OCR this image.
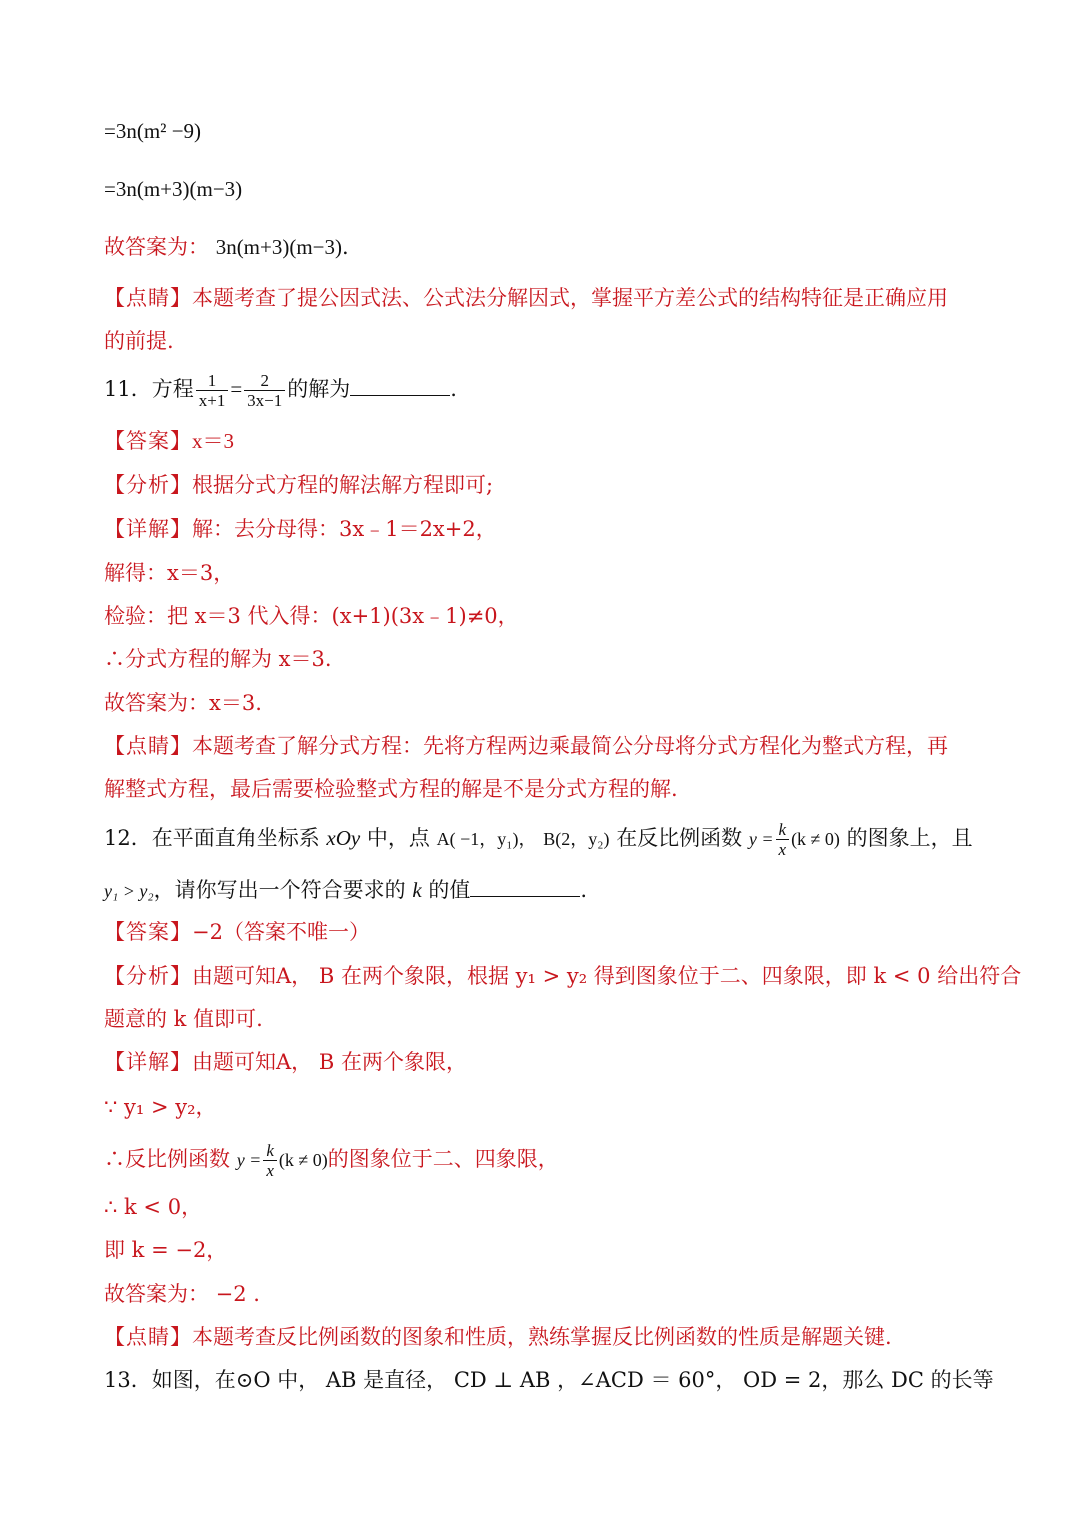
=3n(m² −9)
=3n(m+3)(m−3)
故答案为： 3n(m+3)(m−3).
【点睛】本题考查了提公因式法、公式法分解因式，掌握平方差公式的结构特征是正确应用
的前提.
11．方程 $\frac{1}{x+1} = \frac{2}{3x-1}$ 的解为	.
【答案】x＝3
【分析】根据分式方程的解法解方程即可;
【详解】解：去分母得：3x﹣1＝2x+2，
解得：x＝3，
检验：把 x＝3 代入得：(x+1)(3x﹣1)≠0，
∴分式方程的解为 x＝3.
故答案为：x＝3.
【点睛】本题考查了解分式方程：先将方程两边乘最简公分母将分式方程化为整式方程，再
解整式方程，最后需要检验整式方程的解是不是分式方程的解.
12．在平面直角坐标系 xOy 中，点 A( −1，y₁)， B(2，y₂) 在反比例函数 $y = \frac{k}{x} (k \ne 0)$ 的图象上，且
y₁ > y₂，请你写出一个符合要求的 k 的值	.
【答案】−2（答案不唯一）
【分析】由题可知A， B 在两个象限，根据 y₁ > y₂ 得到图象位于二、四象限，即 k < 0 给出符合
题意的 k 值即可.
【详解】由题可知A， B 在两个象限，
∵ y₁ > y₂，
∴反比例函数 $y = \frac{k}{x} (k \ne 0)$的图象位于二、四象限，
∴ k < 0，
即 k = −2，
故答案为： −2 .
【点睛】本题考查反比例函数的图象和性质，熟练掌握反比例函数的性质是解题关键.
13．如图，在⊙O 中， AB 是直径， CD ⊥ AB ，∠ACD ＝ 60°， OD = 2，那么 DC 的长等
